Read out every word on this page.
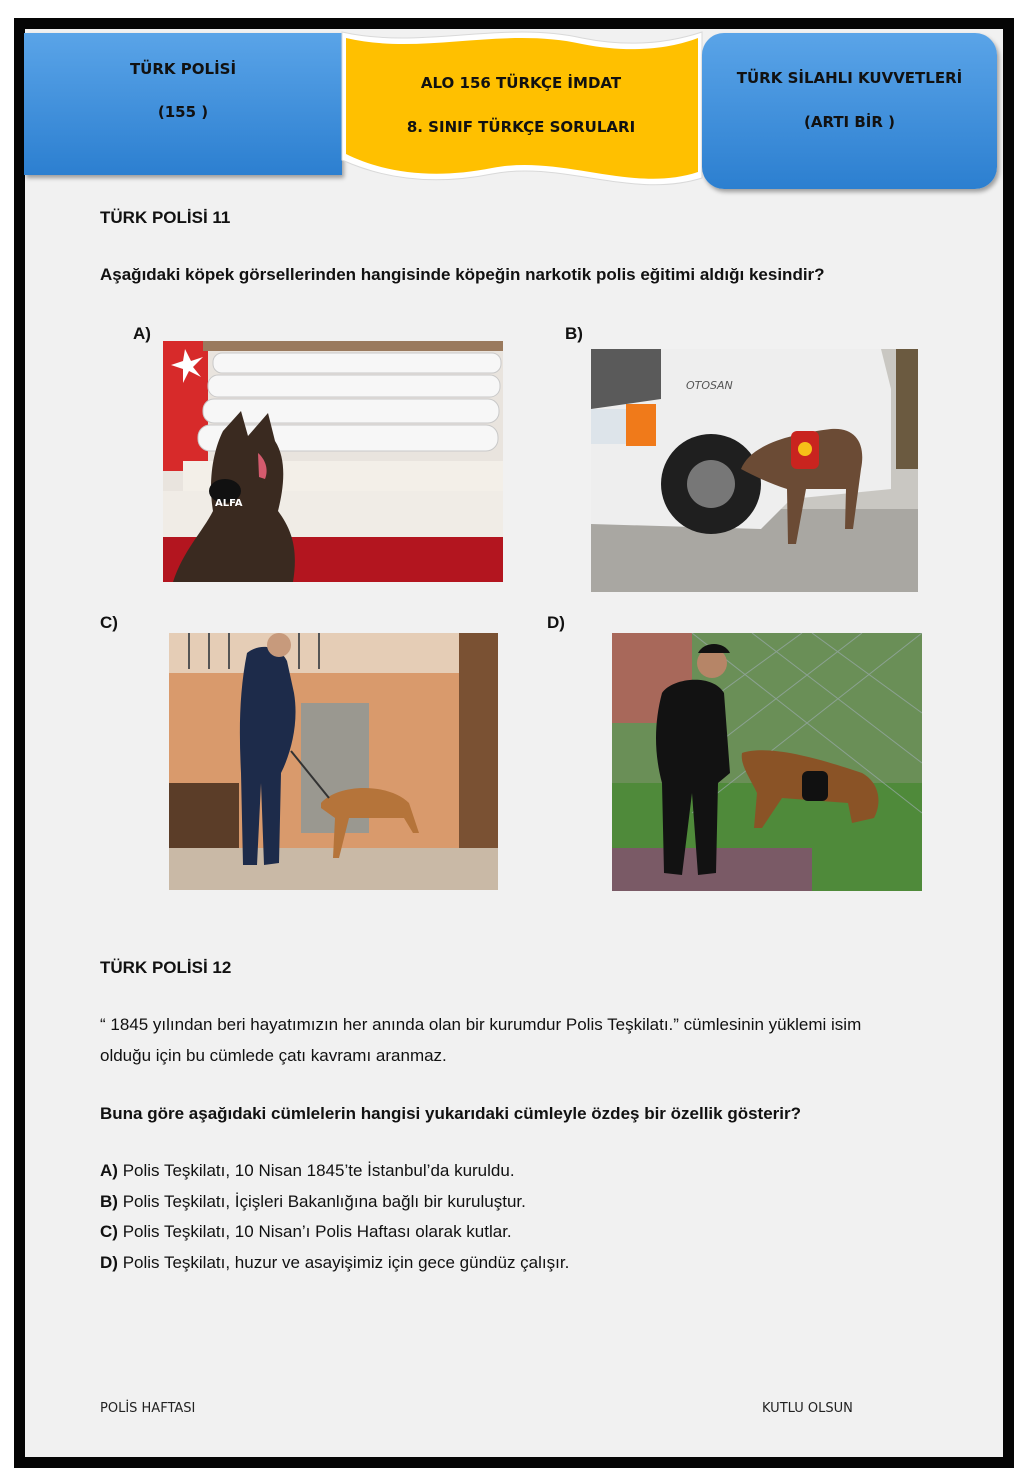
TÜRK POLİSİ
(155 )
ALO 156 TÜRKÇE İMDAT
8. SINIF TÜRKÇE SORULARI
TÜRK SİLAHLI KUVVETLERİ
(ARTI BİR )
TÜRK POLİSİ 11
Aşağıdaki köpek görsellerinden hangisinde köpeğin narkotik polis eğitimi aldığı kesindir?
A)	B)
C)	D)
ALFA
OTOSAN
TÜRK POLİSİ 12
“ 1845 yılından beri hayatımızın her anında olan bir kurumdur Polis Teşkilatı.” cümlesinin yüklemi isim
olduğu için bu cümlede çatı kavramı aranmaz.
Buna göre aşağıdaki cümlelerin hangisi yukarıdaki cümleyle özdeş bir özellik gösterir?
A) Polis Teşkilatı, 10 Nisan 1845’te İstanbul’da kuruldu.
B) Polis Teşkilatı, İçişleri Bakanlığına bağlı bir kuruluştur.
C) Polis Teşkilatı, 10 Nisan’ı Polis Haftası olarak kutlar.
D) Polis Teşkilatı, huzur ve asayişimiz için gece gündüz çalışır.
POLİS HAFTASI	KUTLU OLSUN
